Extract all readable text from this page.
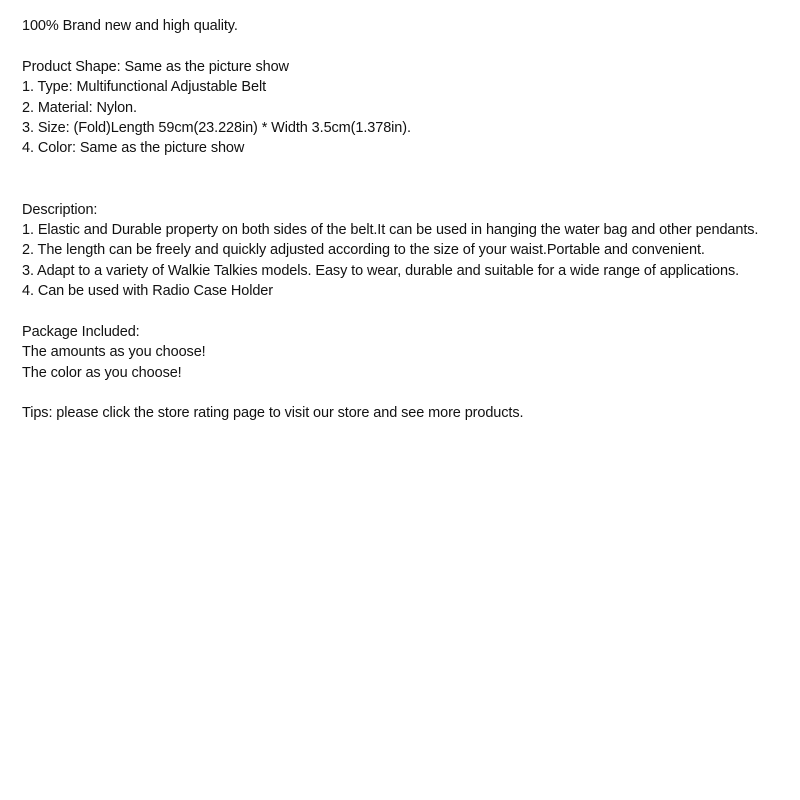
100% Brand new and high quality.
Product Shape: Same as the picture show
1. Type: Multifunctional Adjustable Belt
2. Material: Nylon.
3. Size: (Fold)Length 59cm(23.228in) * Width 3.5cm(1.378in).
4. Color: Same as the picture show
Description:
1. Elastic and Durable property on both sides of the belt.It can be used in hanging the water bag and other pendants.
2. The length can be freely and quickly adjusted according to the size of your waist.Portable and convenient.
3. Adapt to a variety of Walkie Talkies models. Easy to wear, durable and suitable for a wide range of applications.
4. Can be used with Radio Case Holder
Package Included:
The amounts as you choose!
The color as you choose!
Tips: please click the store rating page to visit our store and see more products.
